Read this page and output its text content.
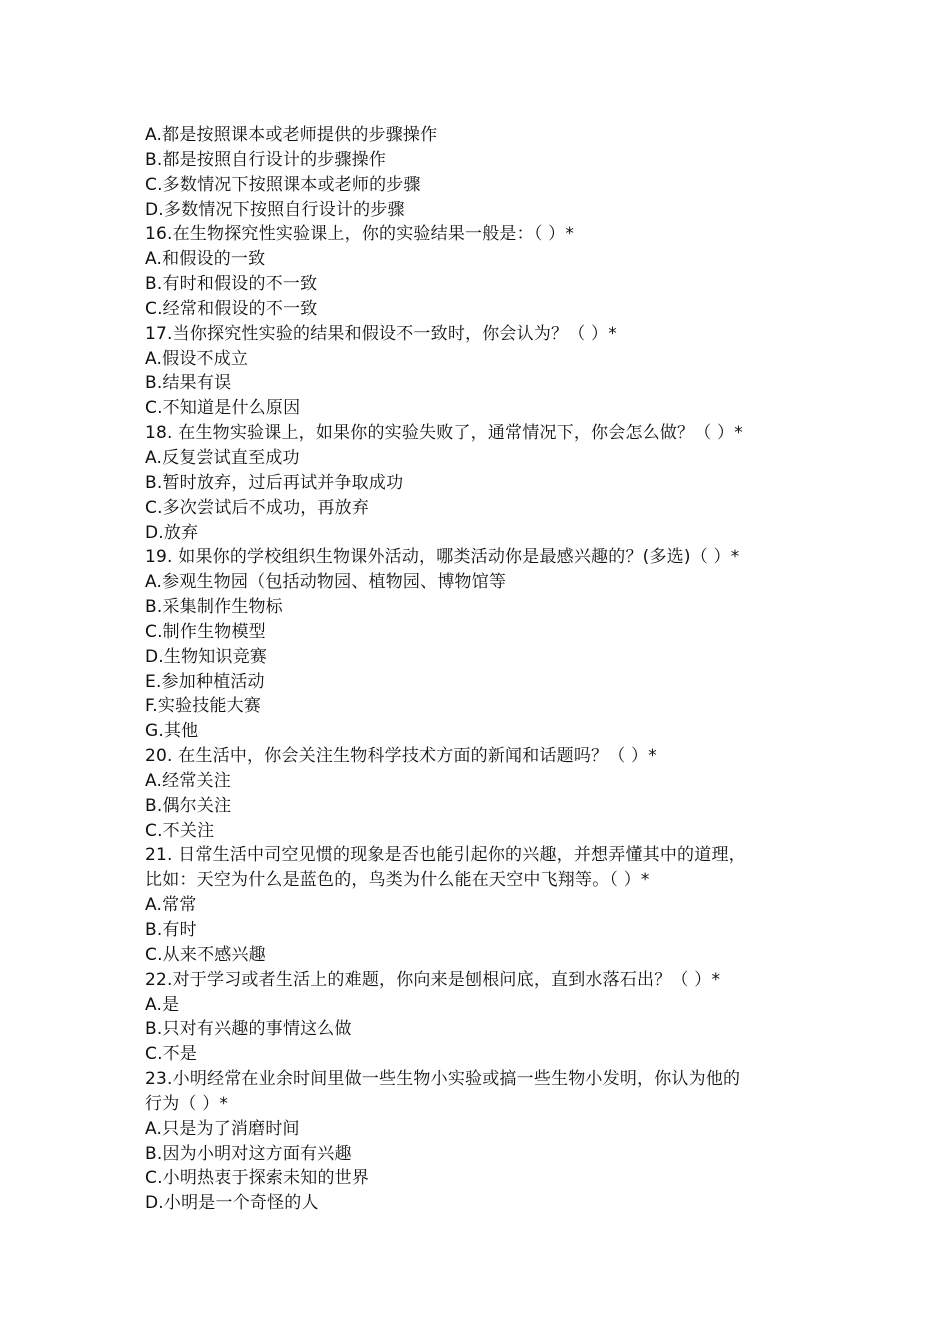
A.都是按照课本或老师提供的步骤操作
B.都是按照自行设计的步骤操作
C.多数情况下按照课本或老师的步骤
D.多数情况下按照自行设计的步骤
16.在生物探究性实验课上，你的实验结果一般是：（ ）*
A.和假设的一致
B.有时和假设的不一致
C.经常和假设的不一致
17.当你探究性实验的结果和假设不一致时，你会认为？（ ）*
A.假设不成立
B.结果有误
C.不知道是什么原因
18. 在生物实验课上，如果你的实验失败了，通常情况下，你会怎么做？（ ）*
A.反复尝试直至成功
B.暂时放弃，过后再试并争取成功
C.多次尝试后不成功，再放弃
D.放弃
19. 如果你的学校组织生物课外活动，哪类活动你是最感兴趣的？(多选)（ ）*
A.参观生物园（包括动物园、植物园、博物馆等
B.采集制作生物标
C.制作生物模型
D.生物知识竞赛
E.参加种植活动
F.实验技能大赛
G.其他
20. 在生活中，你会关注生物科学技术方面的新闻和话题吗？（ ）*
A.经常关注
B.偶尔关注
C.不关注
21. 日常生活中司空见惯的现象是否也能引起你的兴趣，并想弄懂其中的道理，
比如：天空为什么是蓝色的，鸟类为什么能在天空中飞翔等。（ ）*
A.常常
B.有时
C.从来不感兴趣
22.对于学习或者生活上的难题，你向来是刨根问底，直到水落石出？（ ）*
A.是
B.只对有兴趣的事情这么做
C.不是
23.小明经常在业余时间里做一些生物小实验或搞一些生物小发明，你认为他的
行为（ ）*
A.只是为了消磨时间
B.因为小明对这方面有兴趣
C.小明热衷于探索未知的世界
D.小明是一个奇怪的人
